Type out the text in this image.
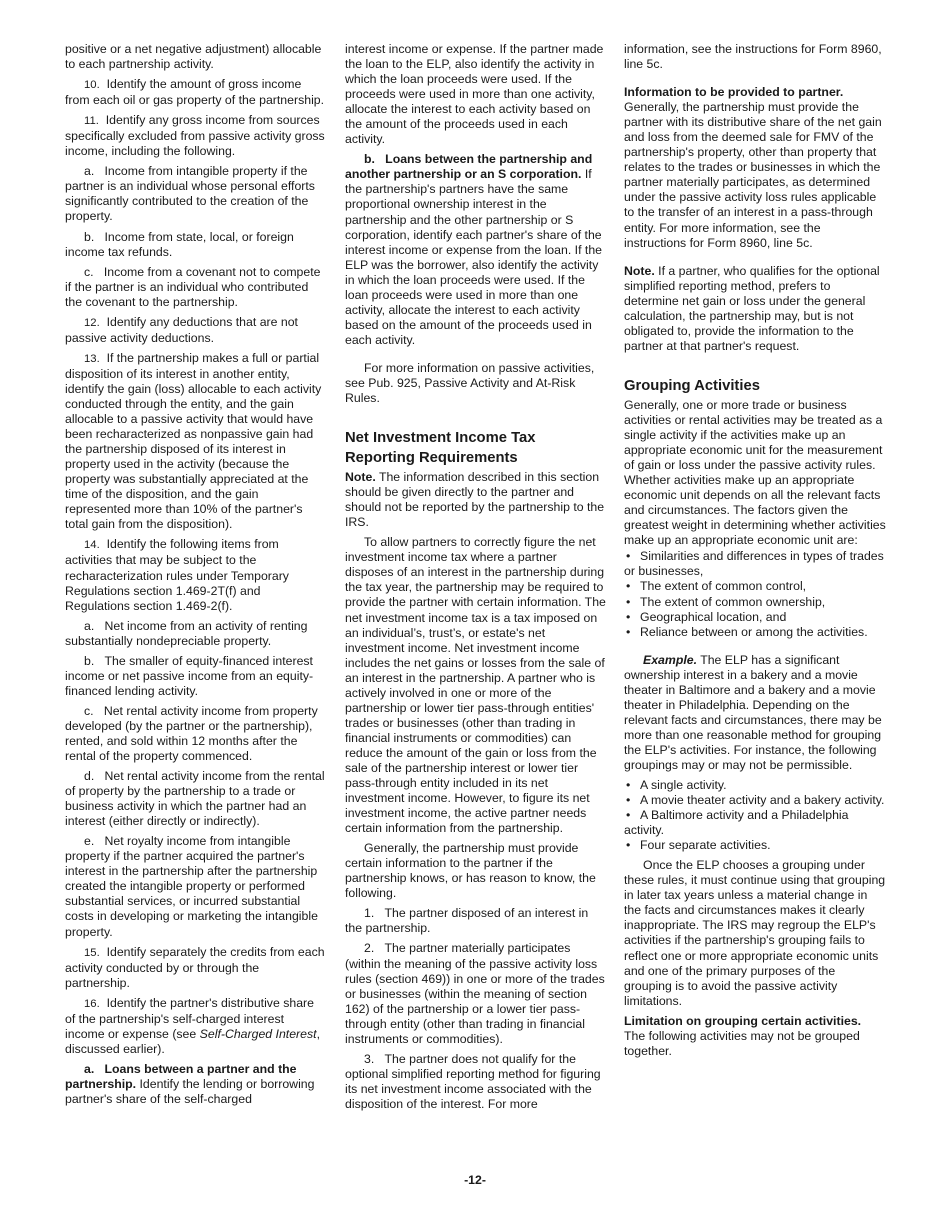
positive or a net negative adjustment) allocable to each partnership activity.

10. Identify the amount of gross income from each oil or gas property of the partnership.

11. Identify any gross income from sources specifically excluded from passive activity gross income, including the following.

a.   Income from intangible property if the partner is an individual whose personal efforts significantly contributed to the creation of the property.

b.   Income from state, local, or foreign income tax refunds.

c.   Income from a covenant not to compete if the partner is an individual who contributed the covenant to the partnership.

12. Identify any deductions that are not passive activity deductions.

13. If the partnership makes a full or partial disposition of its interest in another entity, identify the gain (loss) allocable to each activity conducted through the entity, and the gain allocable to a passive activity that would have been recharacterized as nonpassive gain had the partnership disposed of its interest in property used in the activity (because the property was substantially appreciated at the time of the disposition, and the gain represented more than 10% of the partner's total gain from the disposition).

14. Identify the following items from activities that may be subject to the recharacterization rules under Temporary Regulations section 1.469-2T(f) and Regulations section 1.469-2(f).

a.   Net income from an activity of renting substantially nondepreciable property.

b.   The smaller of equity-financed interest income or net passive income from an equity-financed lending activity.

c.   Net rental activity income from property developed (by the partner or the partnership), rented, and sold within 12 months after the rental of the property commenced.

d.   Net rental activity income from the rental of property by the partnership to a trade or business activity in which the partner had an interest (either directly or indirectly).

e.   Net royalty income from intangible property if the partner acquired the partner's interest in the partnership after the partnership created the intangible property or performed substantial services, or incurred substantial costs in developing or marketing the intangible property.

15. Identify separately the credits from each activity conducted by or through the partnership.

16. Identify the partner's distributive share of the partnership's self-charged interest income or expense (see Self-Charged Interest, discussed earlier).

a.   Loans between a partner and the partnership. Identify the lending or borrowing partner's share of the self-charged

interest income or expense. If the partner made the loan to the ELP, also identify the activity in which the loan proceeds were used. If the proceeds were used in more than one activity, allocate the interest to each activity based on the amount of the proceeds used in each activity.

b.   Loans between the partnership and another partnership or an S corporation. If the partnership's partners have the same proportional ownership interest in the partnership and the other partnership or S corporation, identify each partner's share of the interest income or expense from the loan. If the ELP was the borrower, also identify the activity in which the loan proceeds were used. If the loan proceeds were used in more than one activity, allocate the interest to each activity based on the amount of the proceeds used in each activity.

For more information on passive activities, see Pub. 925, Passive Activity and At-Risk Rules.

Net Investment Income Tax Reporting Requirements

Note. The information described in this section should be given directly to the partner and should not be reported by the partnership to the IRS.

To allow partners to correctly figure the net investment income tax where a partner disposes of an interest in the partnership during the tax year, the partnership may be required to provide the partner with certain information. The net investment income tax is a tax imposed on an individual’s, trust’s, or estate's net investment income. Net investment income includes the net gains or losses from the sale of an interest in the partnership. A partner who is actively involved in one or more of the partnership or lower tier pass-through entities' trades or businesses (other than trading in financial instruments or commodities) can reduce the amount of the gain or loss from the sale of the partnership interest or lower tier pass-through entity included in its net investment income. However, to figure its net investment income, the active partner needs certain information from the partnership.

Generally, the partnership must provide certain information to the partner if the partnership knows, or has reason to know, the following.

1. The partner disposed of an interest in the partnership.

2. The partner materially participates (within the meaning of the passive activity loss rules (section 469)) in one or more of the trades or businesses (within the meaning of section 162) of the partnership or a lower tier pass-through entity (other than trading in financial instruments or commodities).

3. The partner does not qualify for the optional simplified reporting method for figuring its net investment income associated with the disposition of the interest. For more

information, see the instructions for Form 8960, line 5c.

Information to be provided to partner.

Generally, the partnership must provide the partner with its distributive share of the net gain and loss from the deemed sale for FMV of the partnership's property, other than property that relates to the trades or businesses in which the partner materially participates, as determined under the passive activity loss rules applicable to the transfer of an interest in a pass-through entity. For more information, see the instructions for Form 8960, line 5c.

Note. If a partner, who qualifies for the optional simplified reporting method, prefers to determine net gain or loss under the general calculation, the partnership may, but is not obligated to, provide the information to the partner at that partner's request.

Grouping Activities

Generally, one or more trade or business activities or rental activities may be treated as a single activity if the activities make up an appropriate economic unit for the measurement of gain or loss under the passive activity rules. Whether activities make up an appropriate economic unit depends on all the relevant facts and circumstances. The factors given the greatest weight in determining whether activities make up an appropriate economic unit are:

• Similarities and differences in types of trades or businesses,
• The extent of common control,
• The extent of common ownership,
• Geographical location, and
• Reliance between or among the activities.

Example. The ELP has a significant ownership interest in a bakery and a movie theater in Baltimore and a bakery and a movie theater in Philadelphia. Depending on the relevant facts and circumstances, there may be more than one reasonable method for grouping the ELP's activities. For instance, the following groupings may or may not be permissible.

• A single activity.
• A movie theater activity and a bakery activity.
• A Baltimore activity and a Philadelphia activity.
• Four separate activities.

Once the ELP chooses a grouping under these rules, it must continue using that grouping in later tax years unless a material change in the facts and circumstances makes it clearly inappropriate. The IRS may regroup the ELP's activities if the partnership's grouping fails to reflect one or more appropriate economic units and one of the primary purposes of the grouping is to avoid the passive activity limitations.

Limitation on grouping certain activities.

The following activities may not be grouped together.

-12-
